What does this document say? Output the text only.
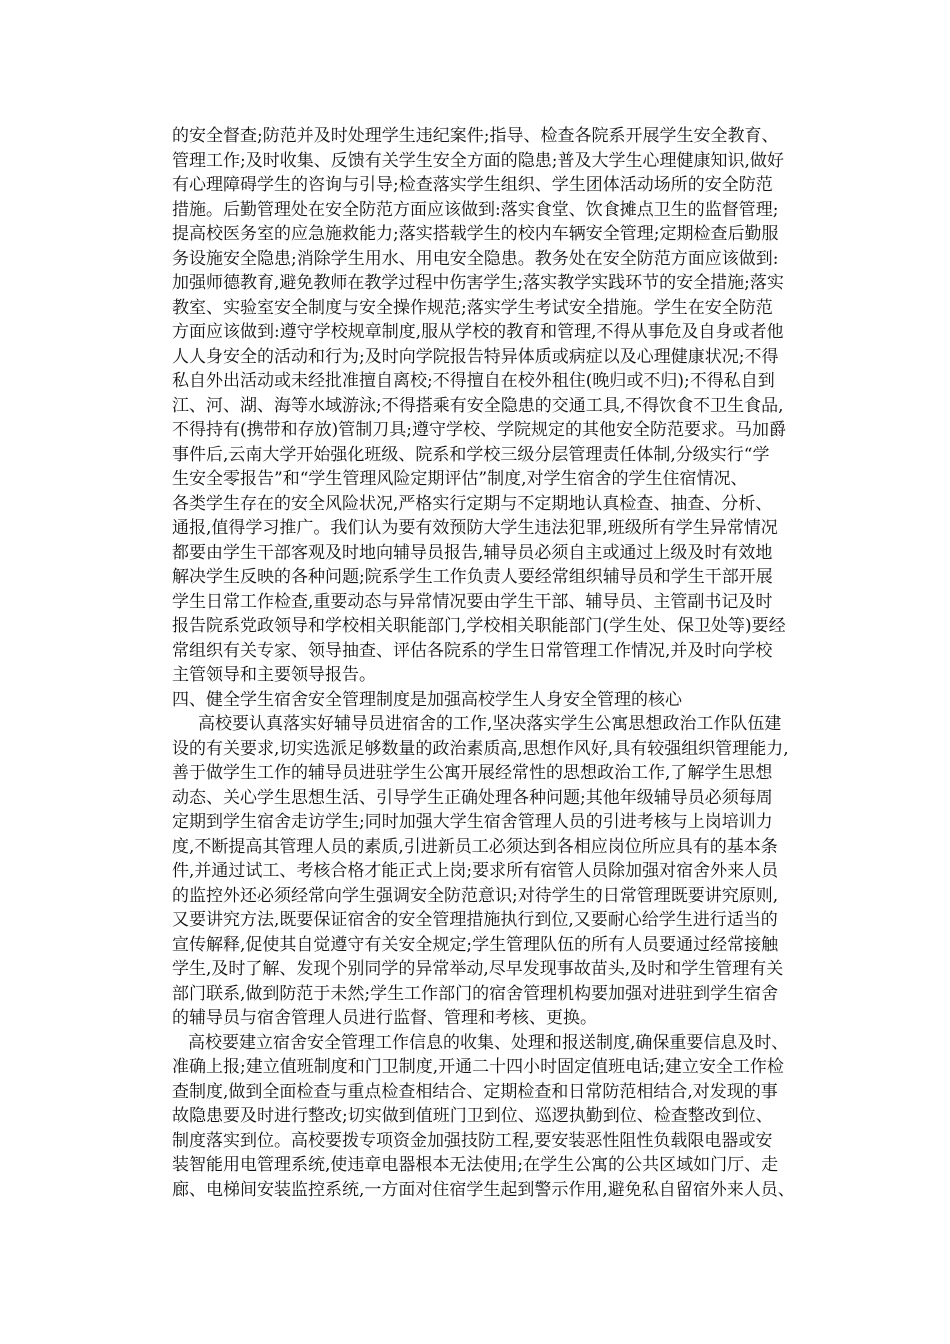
的安全督查;防范并及时处理学生违纪案件;指导、检查各院系开展学生安全教育、
管理工作;及时收集、反馈有关学生安全方面的隐患;普及大学生心理健康知识,做好
有心理障碍学生的咨询与引导;检查落实学生组织、学生团体活动场所的安全防范
措施。后勤管理处在安全防范方面应该做到:落实食堂、饮食摊点卫生的监督管理;
提高校医务室的应急施救能力;落实搭载学生的校内车辆安全管理;定期检查后勤服
务设施安全隐患;消除学生用水、用电安全隐患。教务处在安全防范方面应该做到:
加强师德教育,避免教师在教学过程中伤害学生;落实教学实践环节的安全措施;落实
教室、实验室安全制度与安全操作规范;落实学生考试安全措施。学生在安全防范
方面应该做到:遵守学校规章制度,服从学校的教育和管理,不得从事危及自身或者他
人人身安全的活动和行为;及时向学院报告特异体质或病症以及心理健康状况;不得
私自外出活动或未经批准擅自离校;不得擅自在校外租住(晚归或不归);不得私自到
江、河、湖、海等水域游泳;不得搭乘有安全隐患的交通工具,不得饮食不卫生食品,
不得持有(携带和存放)管制刀具;遵守学校、学院规定的其他安全防范要求。马加爵
事件后,云南大学开始强化班级、院系和学校三级分层管理责任体制,分级实行“学
生安全零报告”和“学生管理风险定期评估”制度,对学生宿舍的学生住宿情况、
各类学生存在的安全风险状况,严格实行定期与不定期地认真检查、抽查、分析、
通报,值得学习推广。我们认为要有效预防大学生违法犯罪,班级所有学生异常情况
都要由学生干部客观及时地向辅导员报告,辅导员必须自主或通过上级及时有效地
解决学生反映的各种问题;院系学生工作负责人要经常组织辅导员和学生干部开展
学生日常工作检查,重要动态与异常情况要由学生干部、辅导员、主管副书记及时
报告院系党政领导和学校相关职能部门,学校相关职能部门(学生处、保卫处等)要经
常组织有关专家、领导抽查、评估各院系的学生日常管理工作情况,并及时向学校
主管领导和主要领导报告。
四、健全学生宿舍安全管理制度是加强高校学生人身安全管理的核心
高校要认真落实好辅导员进宿舍的工作,坚决落实学生公寓思想政治工作队伍建
设的有关要求,切实选派足够数量的政治素质高,思想作风好,具有较强组织管理能力,
善于做学生工作的辅导员进驻学生公寓开展经常性的思想政治工作,了解学生思想
动态、关心学生思想生活、引导学生正确处理各种问题;其他年级辅导员必须每周
定期到学生宿舍走访学生;同时加强大学生宿舍管理人员的引进考核与上岗培训力
度,不断提高其管理人员的素质,引进新员工必须达到各相应岗位所应具有的基本条
件,并通过试工、考核合格才能正式上岗;要求所有宿管人员除加强对宿舍外来人员
的监控外还必须经常向学生强调安全防范意识;对待学生的日常管理既要讲究原则,
又要讲究方法,既要保证宿舍的安全管理措施执行到位,又要耐心给学生进行适当的
宣传解释,促使其自觉遵守有关安全规定;学生管理队伍的所有人员要通过经常接触
学生,及时了解、发现个别同学的异常举动,尽早发现事故苗头,及时和学生管理有关
部门联系,做到防范于未然;学生工作部门的宿舍管理机构要加强对进驻到学生宿舍
的辅导员与宿舍管理人员进行监督、管理和考核、更换。
高校要建立宿舍安全管理工作信息的收集、处理和报送制度,确保重要信息及时、
准确上报;建立值班制度和门卫制度,开通二十四小时固定值班电话;建立安全工作检
查制度,做到全面检查与重点检查相结合、定期检查和日常防范相结合,对发现的事
故隐患要及时进行整改;切实做到值班门卫到位、巡逻执勤到位、检查整改到位、
制度落实到位。高校要拨专项资金加强技防工程,要安装恶性阻性负载限电器或安
装智能用电管理系统,使违章电器根本无法使用;在学生公寓的公共区域如门厅、走
廊、电梯间安装监控系统,一方面对住宿学生起到警示作用,避免私自留宿外来人员、
